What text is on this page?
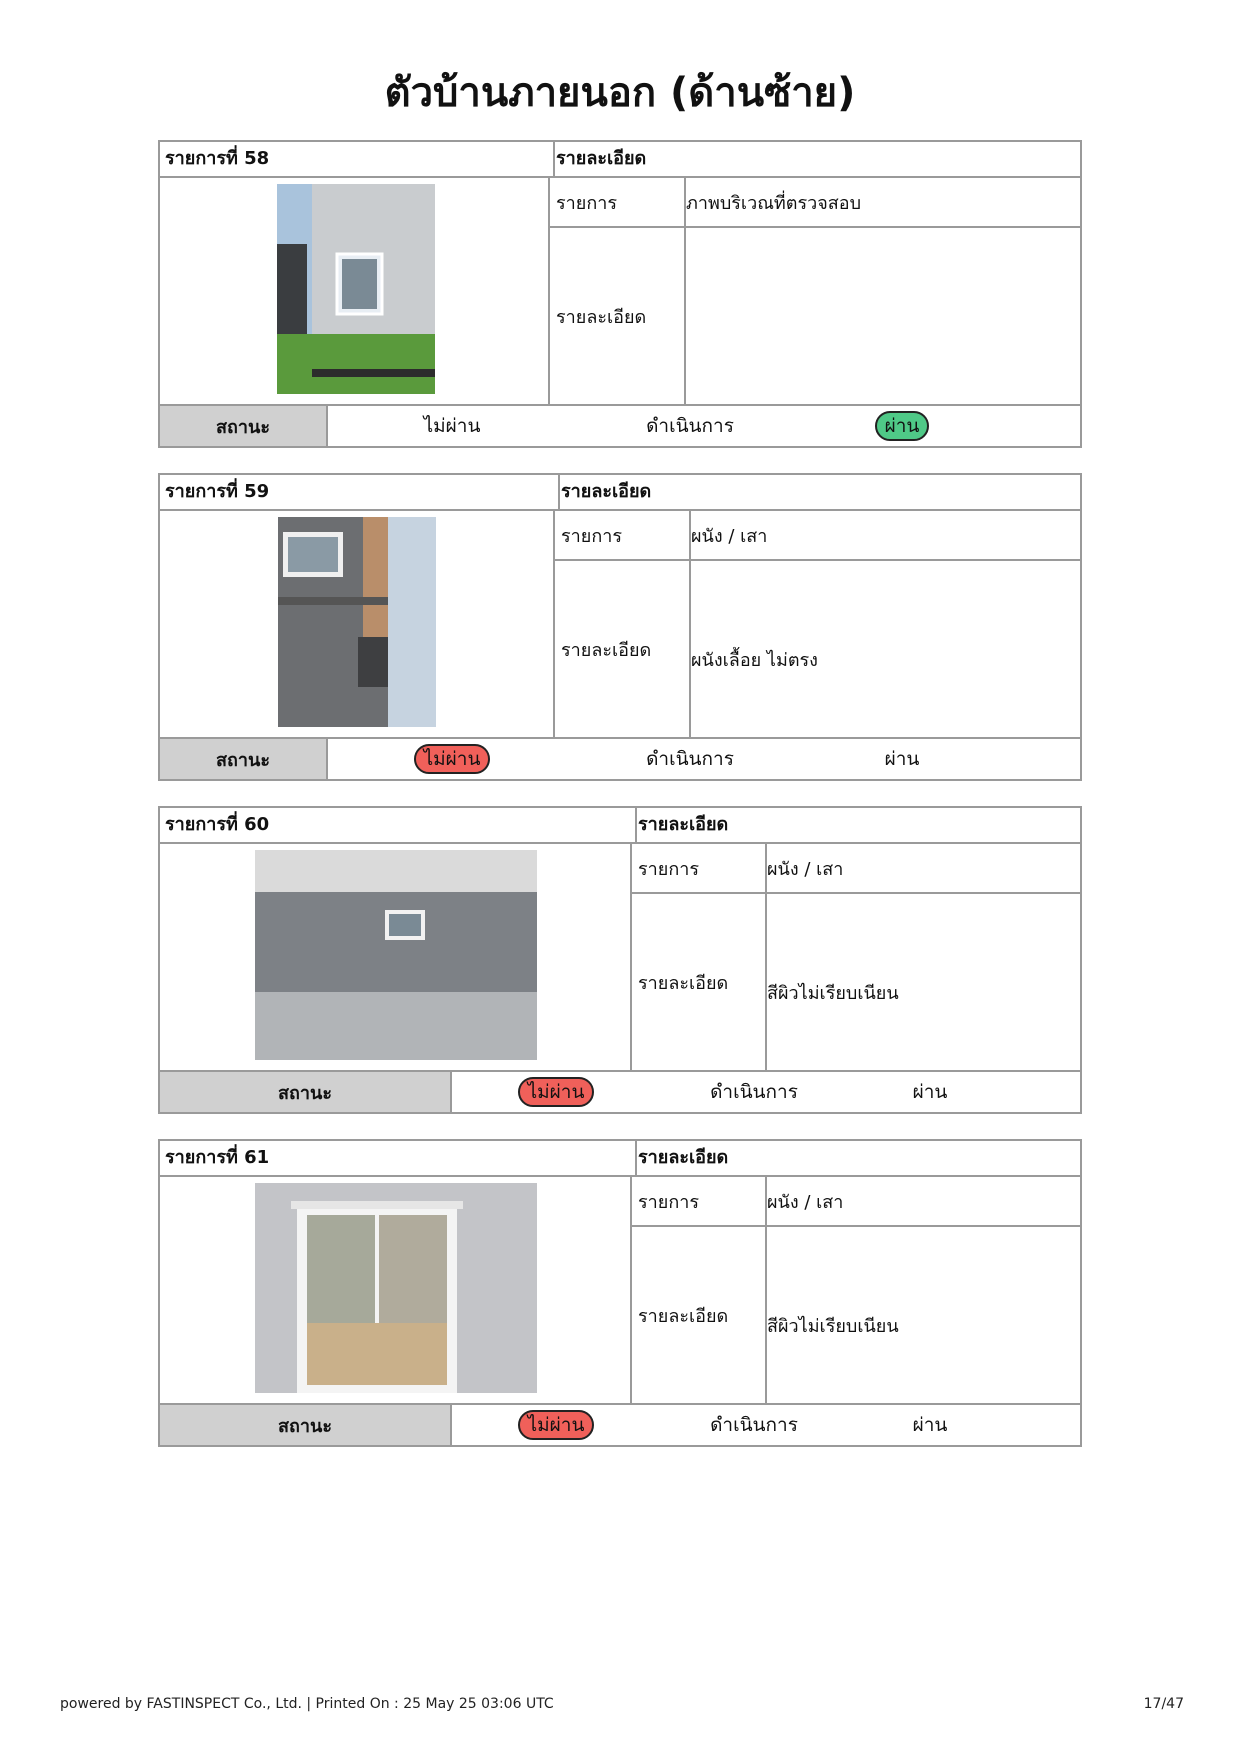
ตัวบ้านภายนอก (ด้านซ้าย)
รายการที่ 58	รายละเอียด
รายการ	ภาพบริเวณที่ตรวจสอบ
รายละเอียด
สถานะ	ไม่ผ่าน	ดำเนินการ	ผ่าน
รายการที่ 59	รายละเอียด
รายการ	ผนัง / เสา
รายละเอียด	ผนังเลื้อย ไม่ตรง
สถานะ	ไม่ผ่าน	ดำเนินการ	ผ่าน
รายการที่ 60	รายละเอียด
รายการ	ผนัง / เสา
รายละเอียด	สีผิวไม่เรียบเนียน
สถานะ	ไม่ผ่าน	ดำเนินการ	ผ่าน
รายการที่ 61	รายละเอียด
รายการ	ผนัง / เสา
รายละเอียด	สีผิวไม่เรียบเนียน
สถานะ	ไม่ผ่าน	ดำเนินการ	ผ่าน
powered by FASTINSPECT Co., Ltd. | Printed On : 25 May 25 03:06 UTC	17/47
